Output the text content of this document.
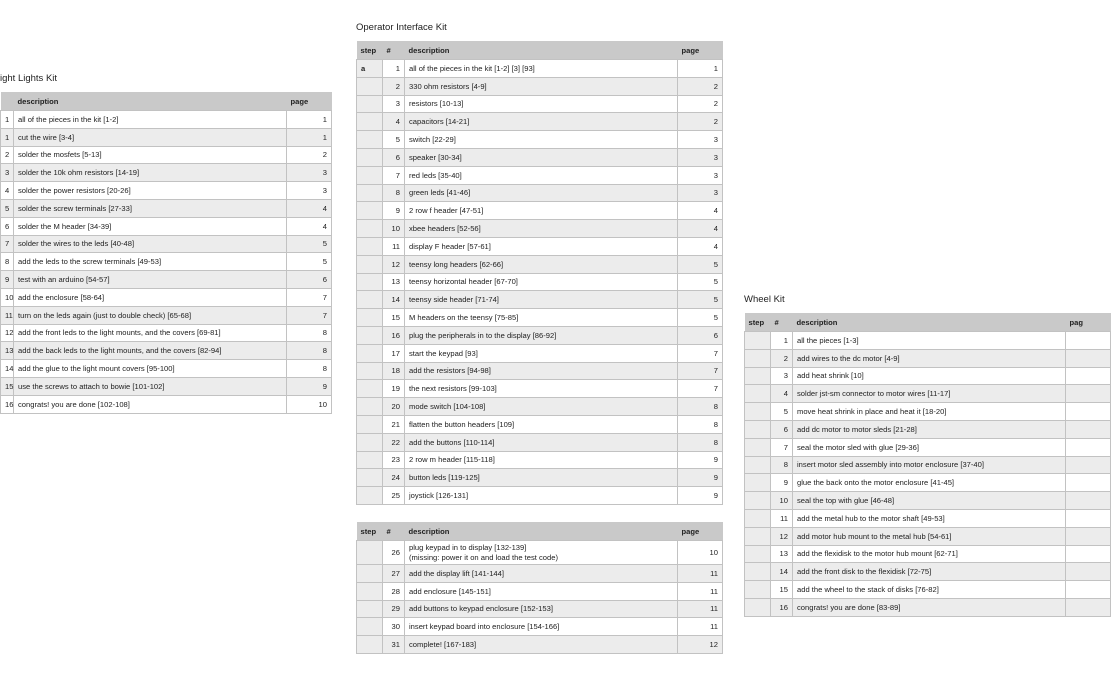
ight Lights Kit
	description	page
1	all of the pieces in the kit [1-2]	1
1	cut the wire [3-4]	1
2	solder the mosfets [5-13]	2
3	solder the 10k ohm resistors [14-19]	3
4	solder the power resistors [20-26]	3
5	solder the screw terminals [27-33]	4
6	solder the M header [34-39]	4
7	solder the wires to the leds [40-48]	5
8	add the leds to the screw terminals [49-53]	5
9	test with an arduino [54-57]	6
10	add the enclosure [58-64]	7
11	turn on the leds again (just to double check) [65-68]	7
12	add the front leds to the light mounts, and the covers [69-81]	8
13	add the back leds to the light mounts, and the covers [82-94]	8
14	add the glue to the light mount covers [95-100]	8
15	use the screws to attach to bowie [101-102]	9
16	congrats! you are done [102-108]	10
Operator Interface Kit
step	#	description	page
a	1	all of the pieces in the kit [1-2] [3] [93]	1
	2	330 ohm resistors [4-9]	2
	3	resistors [10-13]	2
	4	capacitors [14-21]	2
	5	switch [22-29]	3
	6	speaker [30-34]	3
	7	red leds [35-40]	3
	8	green leds [41-46]	3
	9	2 row f header [47-51]	4
	10	xbee headers [52-56]	4
	11	display F header [57-61]	4
	12	teensy long headers [62-66]	5
	13	teensy horizontal header [67-70]	5
	14	teensy side header [71-74]	5
	15	M headers on the teensy [75-85]	5
	16	plug the peripherals in to the display [86-92]	6
	17	start the keypad [93]	7
	18	add the resistors [94-98]	7
	19	the next resistors [99-103]	7
	20	mode switch [104-108]	8
	21	flatten the button headers [109]	8
	22	add the buttons [110-114]	8
	23	2 row m header [115-118]	9
	24	button leds [119-125]	9
	25	joystick [126-131]	9
step	#	description	page
	26	plug keypad in to display [132-139]
(missing: power it on and load the test code)	10
	27	add the display lift [141-144]	11
	28	add enclosure [145-151]	11
	29	add buttons to keypad enclosure [152-153]	11
	30	insert keypad board into enclosure [154-166]	11
	31	complete! [167-183]	12
Wheel Kit
step	#	description	pag
	1	all the pieces [1-3]	
	2	add wires to the dc motor [4-9]	
	3	add heat shrink [10]	
	4	solder jst-sm connector to motor wires [11-17]	
	5	move heat shrink in place and heat it [18-20]	
	6	add dc motor to motor sleds [21-28]	
	7	seal the motor sled with glue [29-36]	
	8	insert motor sled assembly into motor enclosure [37-40]	
	9	glue the back onto the motor enclosure [41-45]	
	10	seal the top with glue [46-48]	
	11	add the metal hub to the motor shaft [49-53]	
	12	add motor hub mount to the metal hub [54-61]	
	13	add the flexidisk to the motor hub mount [62-71]	
	14	add the front disk to the flexidisk [72-75]	
	15	add the wheel to the stack of disks [76-82]	
	16	congrats! you are done [83-89]	
